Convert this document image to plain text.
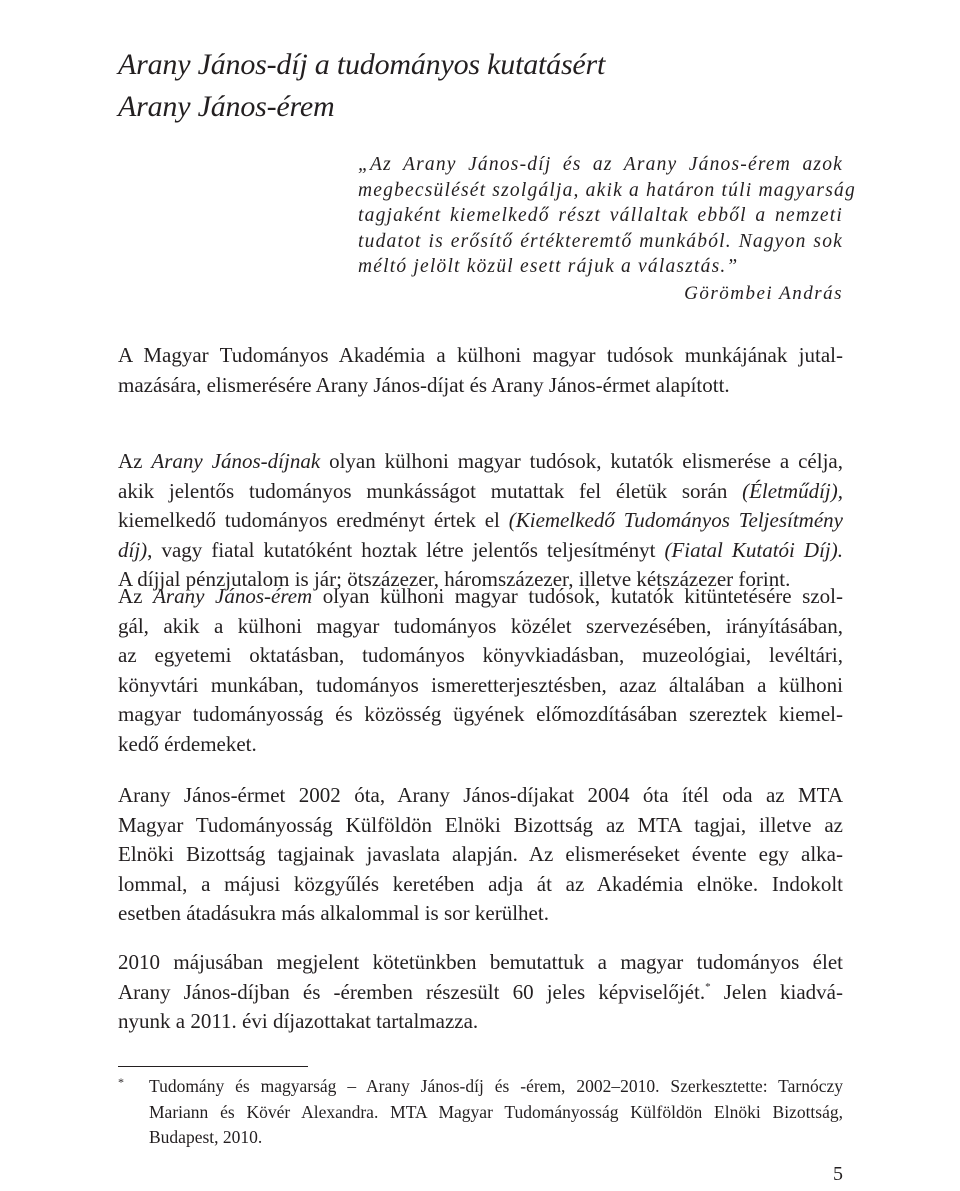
Arany János-díj a tudományos kutatásért
Arany János-érem
„Az Arany János-díj és az Arany János-érem azok
megbecsülését szolgálja, akik a határon túli magyarság
tagjaként kiemelkedő részt vállaltak ebből a nemzeti
tudatot is erősítő értékteremtő munkából. Nagyon sok
méltó jelölt közül esett rájuk a választás.”
Görömbei András
A Magyar Tudományos Akadémia a külhoni magyar tudósok munkájának jutal-
mazására, elismerésére Arany János-díjat és Arany János-érmet alapított.
Az Arany János-díjnak olyan külhoni magyar tudósok, kutatók elismerése a célja,
akik jelentős tudományos munkásságot mutattak fel életük során (Életműdíj),
kiemelkedő tudományos eredményt értek el (Kiemelkedő Tudományos Teljesítmény
díj), vagy fiatal kutatóként hoztak létre jelentős teljesítményt (Fiatal Kutatói Díj).
A díjjal pénzjutalom is jár; ötszázezer, háromszázezer, illetve kétszázezer forint.
Az Arany János-érem olyan külhoni magyar tudósok, kutatók kitüntetésére szol-
gál, akik a külhoni magyar tudományos közélet szervezésében, irányításában,
az egyetemi oktatásban, tudományos könyvkiadásban, muzeológiai, levéltári,
könyvtári munkában, tudományos ismeretterjesztésben, azaz általában a külhoni
magyar tudományosság és közösség ügyének előmozdításában szereztek kiemel-
kedő érdemeket.
Arany János-érmet 2002 óta, Arany János-díjakat 2004 óta ítél oda az MTA
Magyar Tudományosság Külföldön Elnöki Bizottság az MTA tagjai, illetve az
Elnöki Bizottság tagjainak javaslata alapján. Az elismeréseket évente egy alka-
lommal, a májusi közgyűlés keretében adja át az Akadémia elnöke. Indokolt
esetben átadásukra más alkalommal is sor kerülhet.
2010 májusában megjelent kötetünkben bemutattuk a magyar tudományos élet
Arany János-díjban és -éremben részesült 60 jeles képviselőjét.* Jelen kiadvá-
nyunk a 2011. évi díjazottakat tartalmazza.
* Tudomány és magyarság – Arany János-díj és -érem, 2002–2010. Szerkesztette: Tarnóczy
Mariann és Kövér Alexandra. MTA Magyar Tudományosság Külföldön Elnöki Bizottság,
Budapest, 2010.
5
